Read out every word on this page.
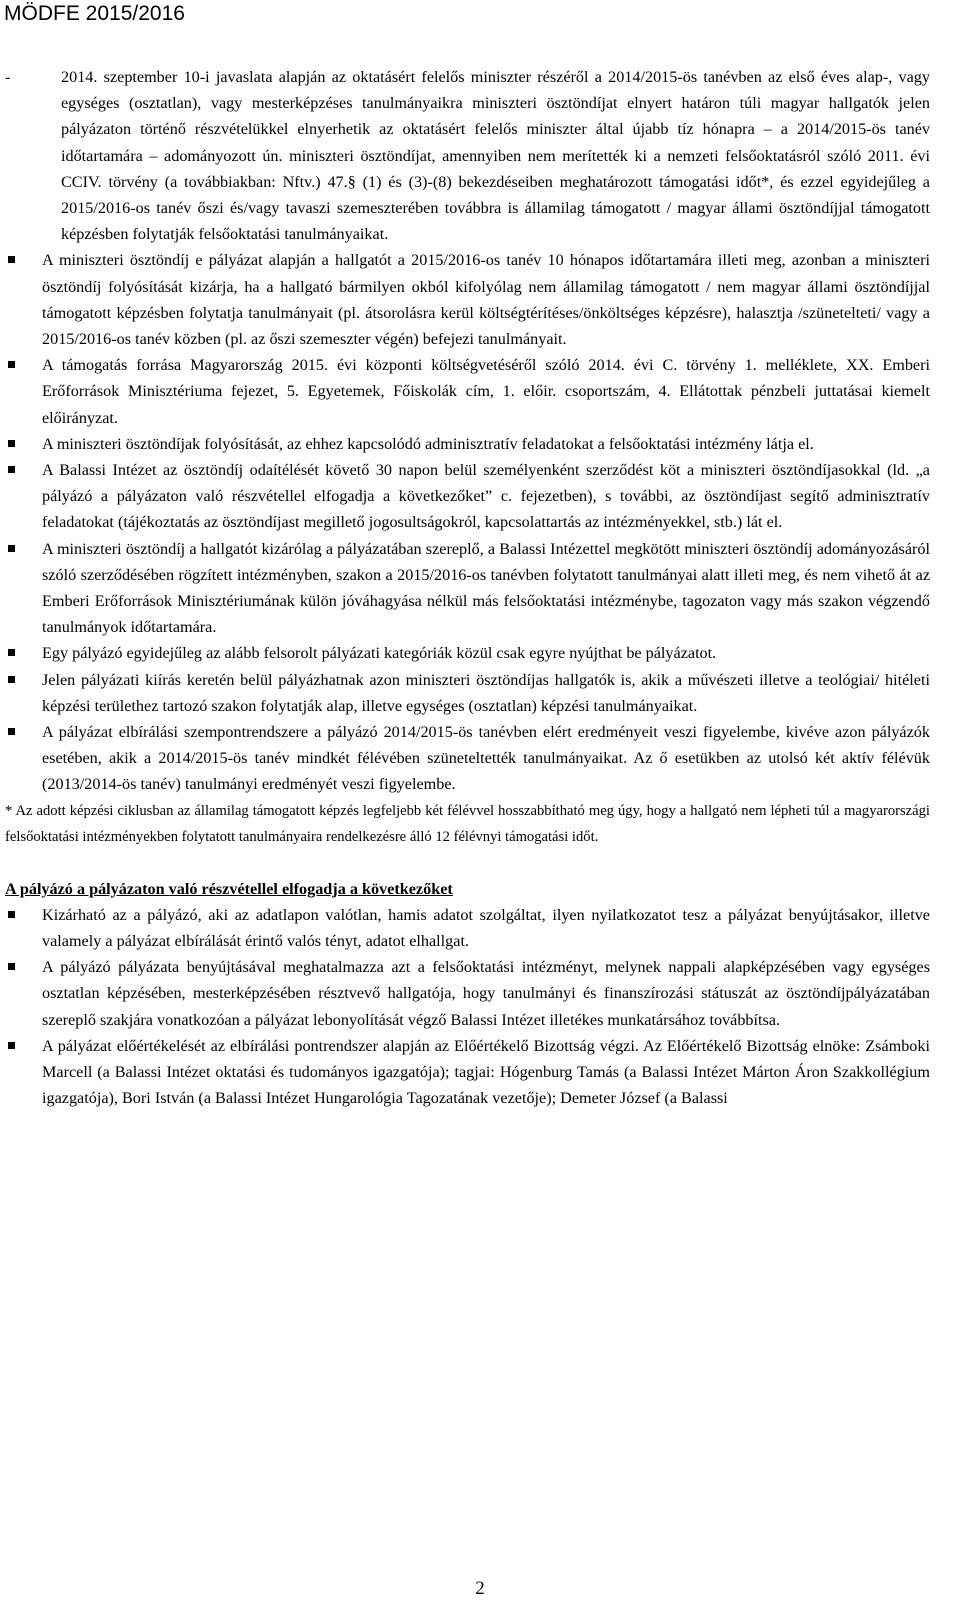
MÖDFE 2015/2016
-	2014. szeptember 10-i javaslata alapján az oktatásért felelős miniszter részéről a 2014/2015-ös tanévben az első éves alap-, vagy egységes (osztatlan), vagy mesterképzéses tanulmányaikra miniszteri ösztöndíjat elnyert határon túli magyar hallgatók jelen pályázaton történő részvételükkel elnyerhetik az oktatásért felelős miniszter által újabb tíz hónapra – a 2014/2015-ös tanév időtartamára – adományozott ún. miniszteri ösztöndíjat, amennyiben nem merítették ki a nemzeti felsőoktatásról szóló 2011. évi CCIV. törvény (a továbbiakban: Nftv.) 47.§ (1) és (3)-(8) bekezdéseiben meghatározott támogatási időt*, és ezzel egyidejűleg a 2015/2016-os tanév őszi és/vagy tavaszi szemeszterében továbbra is államilag támogatott / magyar állami ösztöndíjjal támogatott képzésben folytatják felsőoktatási tanulmányaikat.
A miniszteri ösztöndíj e pályázat alapján a hallgatót a 2015/2016-os tanév 10 hónapos időtartamára illeti meg, azonban a miniszteri ösztöndíj folyósítását kizárja, ha a hallgató bármilyen okból kifolyólag nem államilag támogatott / nem magyar állami ösztöndíjjal támogatott képzésben folytatja tanulmányait (pl. átsorolásra kerül költségtérítéses/önköltséges képzésre), halasztja /szünetelteti/ vagy a 2015/2016-os tanév közben (pl. az őszi szemeszter végén) befejezi tanulmányait.
A támogatás forrása Magyarország 2015. évi központi költségvetéséről szóló 2014. évi C. törvény 1. melléklete, XX. Emberi Erőforrások Minisztériuma fejezet, 5. Egyetemek, Főiskolák cím, 1. előir. csoportszám, 4. Ellátottak pénzbeli juttatásai kiemelt előirányzat.
A miniszteri ösztöndíjak folyósítását, az ehhez kapcsolódó adminisztratív feladatokat a felsőoktatási intézmény látja el.
A Balassi Intézet az ösztöndíj odaítélését követő 30 napon belül személyenként szerződést köt a miniszteri ösztöndíjasokkal (ld. „a pályázó a pályázaton való részvétellel elfogadja a következőket” c. fejezetben), s további, az ösztöndíjast segítő adminisztratív feladatokat (tájékoztatás az ösztöndíjast megillető jogosultságokról, kapcsolattartás az intézményekkel, stb.) lát el.
A miniszteri ösztöndíj a hallgatót kizárólag a pályázatában szereplő, a Balassi Intézettel megkötött miniszteri ösztöndíj adományozásáról szóló szerződésében rögzített intézményben, szakon a 2015/2016-os tanévben folytatott tanulmányai alatt illeti meg, és nem vihető át az Emberi Erőforrások Minisztériumának külön jóváhagyása nélkül más felsőoktatási intézménybe, tagozaton vagy más szakon végzendő tanulmányok időtartamára.
Egy pályázó egyidejűleg az alább felsorolt pályázati kategóriák közül csak egyre nyújthat be pályázatot.
Jelen pályázati kiírás keretén belül pályázhatnak azon miniszteri ösztöndíjas hallgatók is, akik a művészeti illetve a teológiai/ hitéleti képzési területhez tartozó szakon folytatják alap, illetve egységes (osztatlan) képzési tanulmányaikat.
A pályázat elbírálási szempontrendszere a pályázó 2014/2015-ös tanévben elért eredményeit veszi figyelembe, kivéve azon pályázók esetében, akik a 2014/2015-ös tanév mindkét félévében szüneteltették tanulmányaikat. Az ő esetükben az utolsó két aktív félévük (2013/2014-ös tanév) tanulmányi eredményét veszi figyelembe.
* Az adott képzési ciklusban az államilag támogatott képzés legfeljebb két félévvel hosszabbítható meg úgy, hogy a hallgató nem lépheti túl a magyarországi felsőoktatási intézményekben folytatott tanulmányaira rendelkezésre álló 12 félévnyi támogatási időt.
A pályázó a pályázaton való részvétellel elfogadja a következőket
Kizárható az a pályázó, aki az adatlapon valótlan, hamis adatot szolgáltat, ilyen nyilatkozatot tesz a pályázat benyújtásakor, illetve valamely a pályázat elbírálását érintő valós tényt, adatot elhallgat.
A pályázó pályázata benyújtásával meghatalmazza azt a felsőoktatási intézményt, melynek nappali alapképzésében vagy egységes osztatlan képzésében, mesterképzésében résztvevő hallgatója, hogy tanulmányi és finanszírozási státuszát az ösztöndíjpályázatában szereplő szakjára vonatkozóan a pályázat lebonyolítását végző Balassi Intézet illetékes munkatársához továbbítsa.
A pályázat előértékelését az elbírálási pontrendszer alapján az Előértékelő Bizottság végzi. Az Előértékelő Bizottság elnöke: Zsámboki Marcell (a Balassi Intézet oktatási és tudományos igazgatója); tagjai: Hógenburg Tamás (a Balassi Intézet Márton Áron Szakkollégium igazgatója), Bori István (a Balassi Intézet Hungarológia Tagozatának vezetője); Demeter József (a Balassi
2
